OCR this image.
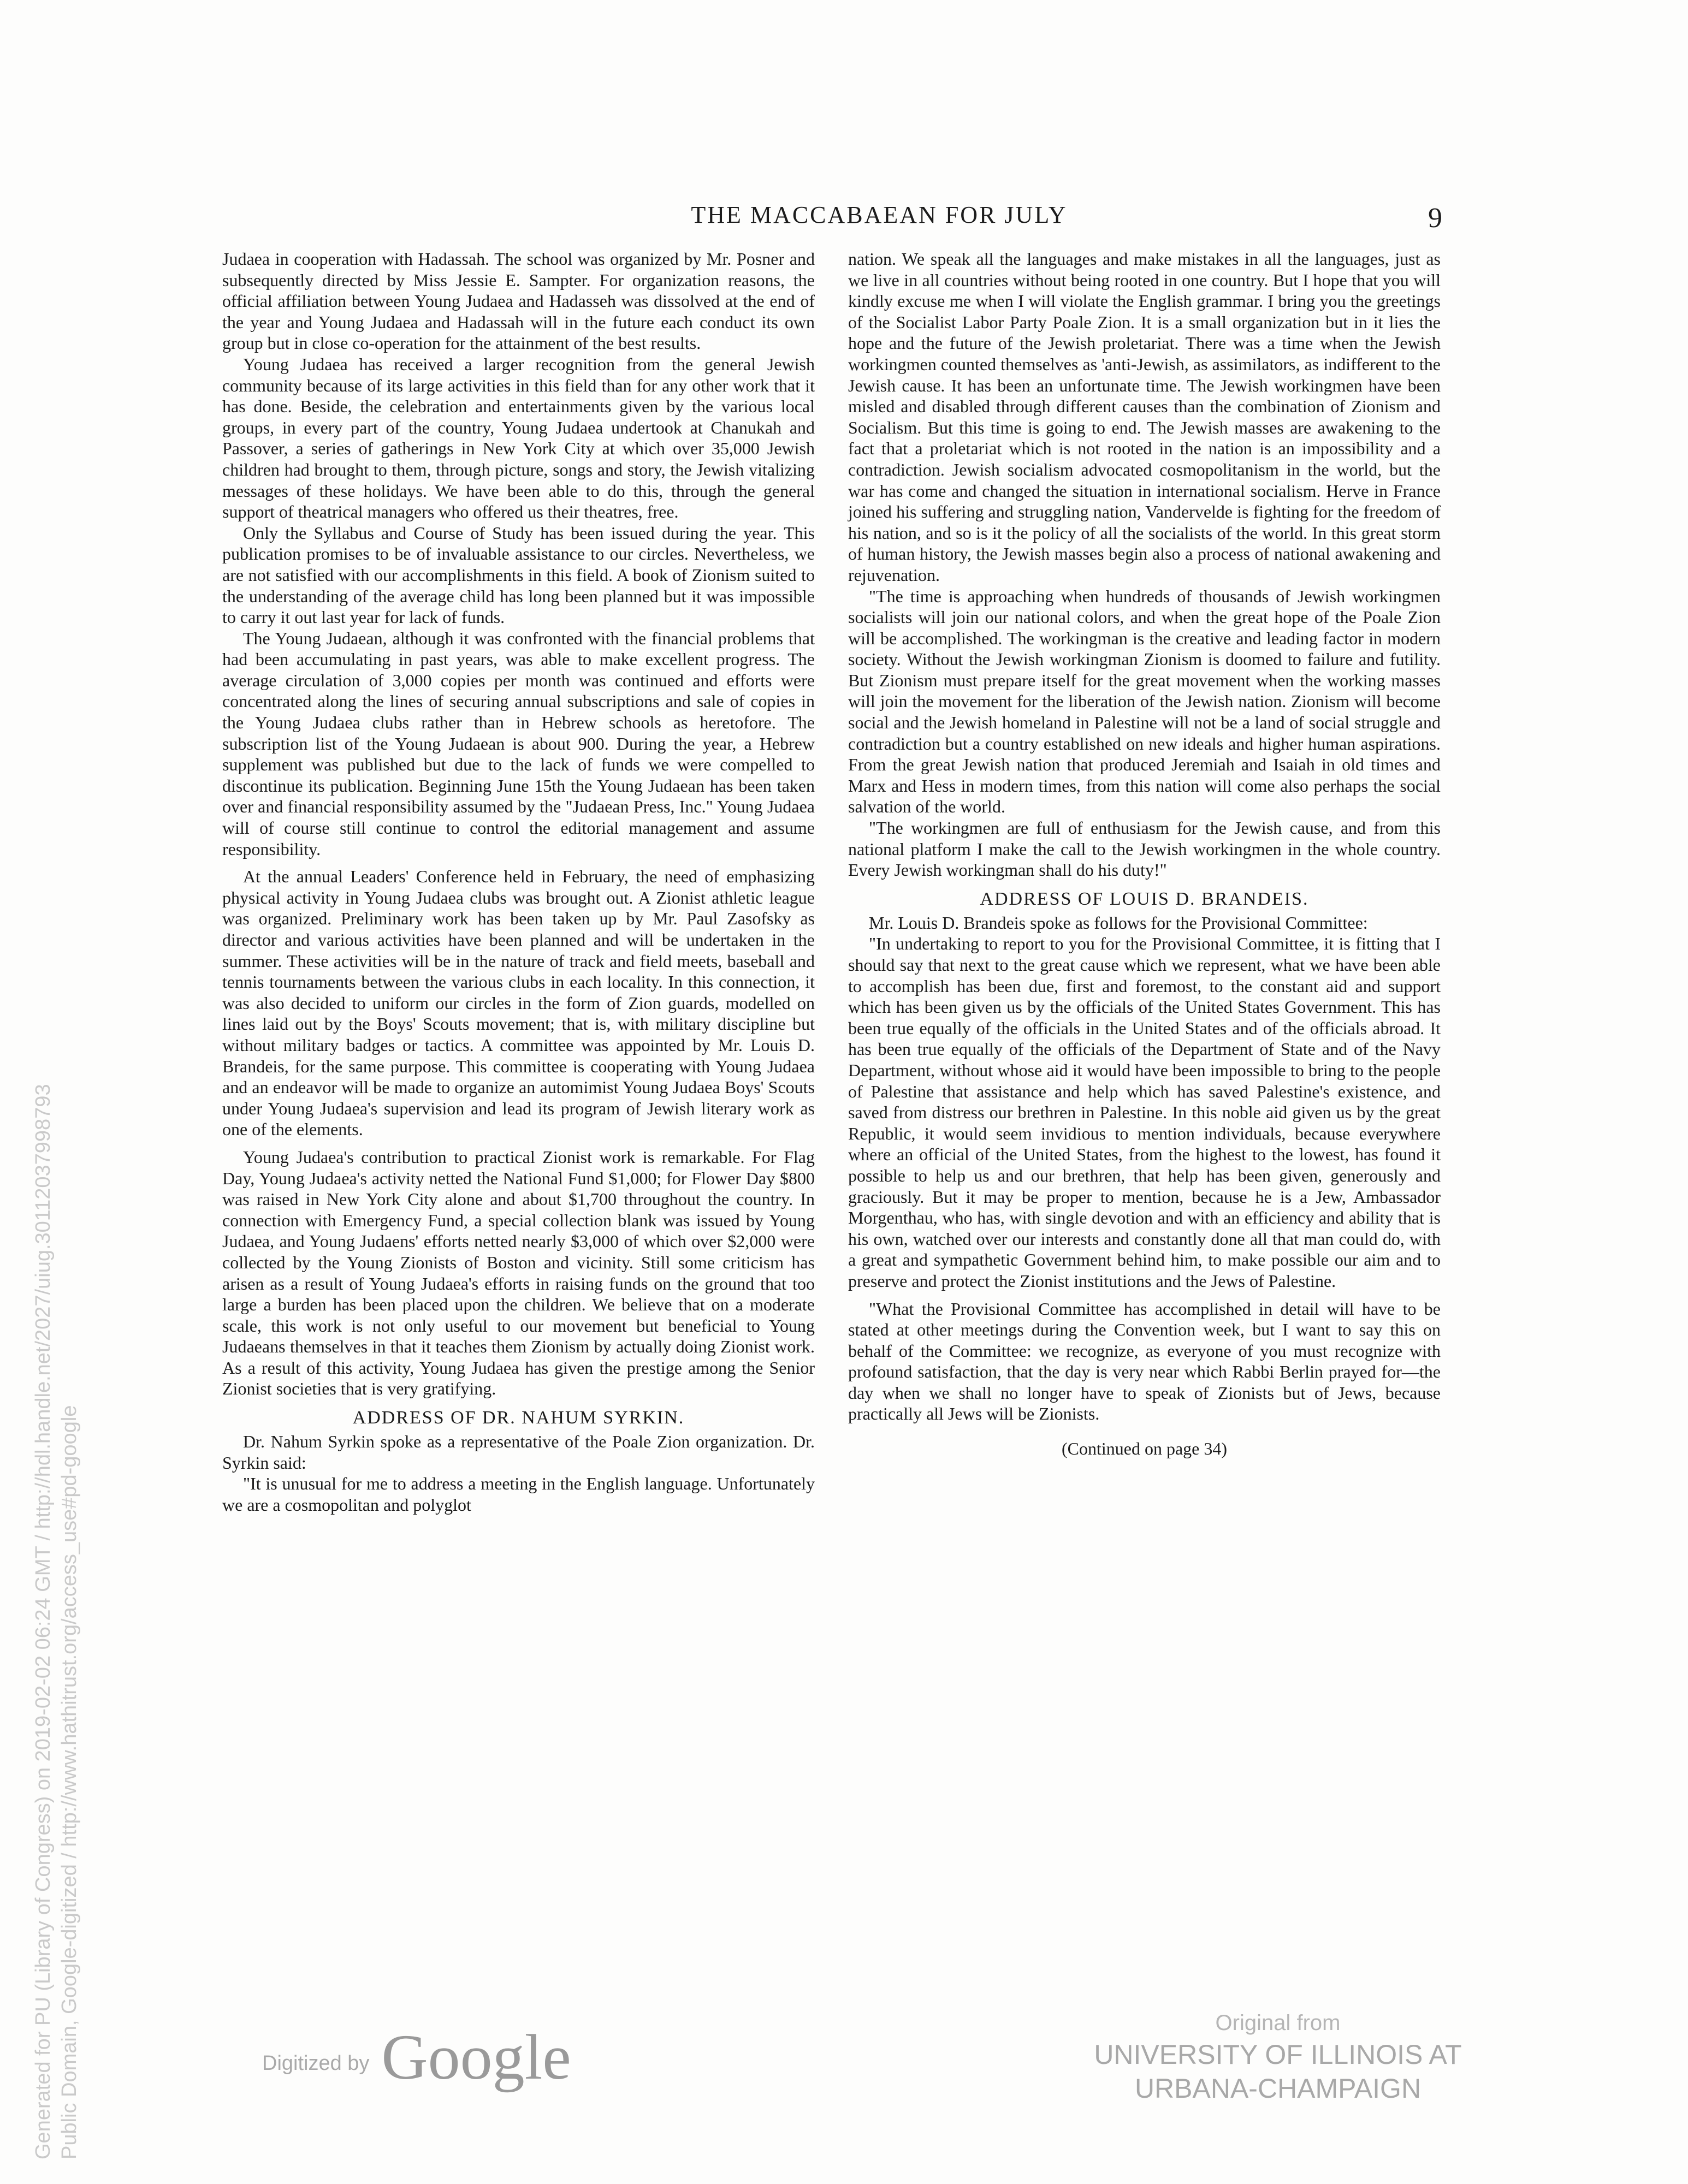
THE MACCABAEAN FOR JULY	9

Judaea in cooperation with Hadassah. The school was organized by Mr. Posner and subsequently directed by Miss Jessie E. Sampter. For organization reasons, the official affiliation between Young Judaea and Hadasseh was dissolved at the end of the year and Young Judaea and Hadassah will in the future each conduct its own group but in close co-operation for the attainment of the best results.

Young Judaea has received a larger recognition from the general Jewish community because of its large activities in this field than for any other work that it has done. Beside, the celebration and entertainments given by the various local groups, in every part of the country, Young Judaea undertook at Chanukah and Passover, a series of gatherings in New York City at which over 35,000 Jewish children had brought to them, through picture, songs and story, the Jewish vitalizing messages of these holidays. We have been able to do this, through the general support of theatrical managers who offered us their theatres, free.

Only the Syllabus and Course of Study has been issued during the year. This publication promises to be of invaluable assistance to our circles. Nevertheless, we are not satisfied with our accomplishments in this field. A book of Zionism suited to the understanding of the average child has long been planned but it was impossible to carry it out last year for lack of funds.

The Young Judaean, although it was confronted with the financial problems that had been accumulating in past years, was able to make excellent progress. The average circulation of 3,000 copies per month was continued and efforts were concentrated along the lines of securing annual subscriptions and sale of copies in the Young Judaea clubs rather than in Hebrew schools as heretofore. The subscription list of the Young Judaean is about 900. During the year, a Hebrew supplement was published but due to the lack of funds we were compelled to discontinue its publication. Beginning June 15th the Young Judaean has been taken over and financial responsibility assumed by the "Judaean Press, Inc." Young Judaea will of course still continue to control the editorial management and assume responsibility.

At the annual Leaders' Conference held in February, the need of emphasizing physical activity in Young Judaea clubs was brought out. A Zionist athletic league was organized. Preliminary work has been taken up by Mr. Paul Zasofsky as director and various activities have been planned and will be undertaken in the summer. These activities will be in the nature of track and field meets, baseball and tennis tournaments between the various clubs in each locality. In this connection, it was also decided to uniform our circles in the form of Zion guards, modelled on lines laid out by the Boys' Scouts movement; that is, with military discipline but without military badges or tactics. A committee was appointed by Mr. Louis D. Brandeis, for the same purpose. This committee is cooperating with Young Judaea and an endeavor will be made to organize an automimist Young Judaea Boys' Scouts under Young Judaea's supervision and lead its program of Jewish literary work as one of the elements.

Young Judaea's contribution to practical Zionist work is remarkable. For Flag Day, Young Judaea's activity netted the National Fund $1,000; for Flower Day $800 was raised in New York City alone and about $1,700 throughout the country. In connection with Emergency Fund, a special collection blank was issued by Young Judaea, and Young Judaens' efforts netted nearly $3,000 of which over $2,000 were collected by the Young Zionists of Boston and vicinity. Still some criticism has arisen as a result of Young Judaea's efforts in raising funds on the ground that too large a burden has been placed upon the children. We believe that on a moderate scale, this work is not only useful to our movement but beneficial to Young Judaeans themselves in that it teaches them Zionism by actually doing Zionist work. As a result of this activity, Young Judaea has given the prestige among the Senior Zionist societies that is very gratifying.

ADDRESS OF DR. NAHUM SYRKIN.

Dr. Nahum Syrkin spoke as a representative of the Poale Zion organization. Dr. Syrkin said:

"It is unusual for me to address a meeting in the English language. Unfortunately we are a cosmopolitan and polyglot

nation. We speak all the languages and make mistakes in all the languages, just as we live in all countries without being rooted in one country. But I hope that you will kindly excuse me when I will violate the English grammar. I bring you the greetings of the Socialist Labor Party Poale Zion. It is a small organization but in it lies the hope and the future of the Jewish proletariat. There was a time when the Jewish workingmen counted themselves as 'anti-Jewish, as assimilators, as indifferent to the Jewish cause. It has been an unfortunate time. The Jewish workingmen have been misled and disabled through different causes than the combination of Zionism and Socialism. But this time is going to end. The Jewish masses are awakening to the fact that a proletariat which is not rooted in the nation is an impossibility and a contradiction. Jewish socialism advocated cosmopolitanism in the world, but the war has come and changed the situation in international socialism. Herve in France joined his suffering and struggling nation, Vandervelde is fighting for the freedom of his nation, and so is it the policy of all the socialists of the world. In this great storm of human history, the Jewish masses begin also a process of national awakening and rejuvenation.

"The time is approaching when hundreds of thousands of Jewish workingmen socialists will join our national colors, and when the great hope of the Poale Zion will be accomplished. The workingman is the creative and leading factor in modern society. Without the Jewish workingman Zionism is doomed to failure and futility. But Zionism must prepare itself for the great movement when the working masses will join the movement for the liberation of the Jewish nation. Zionism will become social and the Jewish homeland in Palestine will not be a land of social struggle and contradiction but a country established on new ideals and higher human aspirations. From the great Jewish nation that produced Jeremiah and Isaiah in old times and Marx and Hess in modern times, from this nation will come also perhaps the social salvation of the world.

"The workingmen are full of enthusiasm for the Jewish cause, and from this national platform I make the call to the Jewish workingmen in the whole country. Every Jewish workingman shall do his duty!"

ADDRESS OF LOUIS D. BRANDEIS.

Mr. Louis D. Brandeis spoke as follows for the Provisional Committee:

"In undertaking to report to you for the Provisional Committee, it is fitting that I should say that next to the great cause which we represent, what we have been able to accomplish has been due, first and foremost, to the constant aid and support which has been given us by the officials of the United States Government. This has been true equally of the officials in the United States and of the officials abroad. It has been true equally of the officials of the Department of State and of the Navy Department, without whose aid it would have been impossible to bring to the people of Palestine that assistance and help which has saved Palestine's existence, and saved from distress our brethren in Palestine. In this noble aid given us by the great Republic, it would seem invidious to mention individuals, because everywhere where an official of the United States, from the highest to the lowest, has found it possible to help us and our brethren, that help has been given, generously and graciously. But it may be proper to mention, because he is a Jew, Ambassador Morgenthau, who has, with single devotion and with an efficiency and ability that is his own, watched over our interests and constantly done all that man could do, with a great and sympathetic Government behind him, to make possible our aim and to preserve and protect the Zionist institutions and the Jews of Palestine.

"What the Provisional Committee has accomplished in detail will have to be stated at other meetings during the Convention week, but I want to say this on behalf of the Committee: we recognize, as everyone of you must recognize with profound satisfaction, that the day is very near which Rabbi Berlin prayed for—the day when we shall no longer have to speak of Zionists but of Jews, because practically all Jews will be Zionists.

(Continued on page 34)
Generated for PU (Library of Congress) on 2019-02-02 06:24 GMT / http://hdl.handle.net/2027/uiug.30112037998793 Public Domain, Google-digitized / http://www.hathitrust.org/access_use#pd-google	Digitized by Google	Original from
UNIVERSITY OF ILLINOIS AT
URBANA-CHAMPAIGN
